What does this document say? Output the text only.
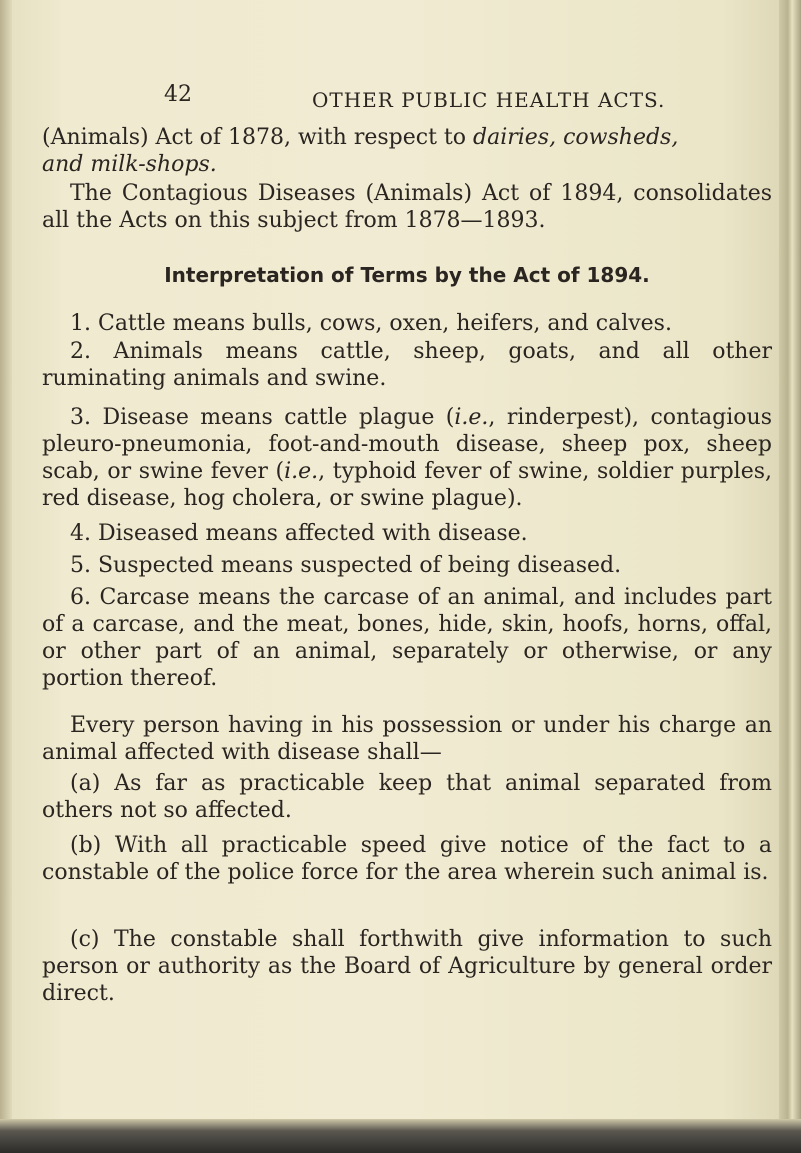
42	OTHER PUBLIC HEALTH ACTS.

(Animals) Act of 1878, with respect to dairies, cowsheds,
and milk-shops.

The Contagious Diseases (Animals) Act of 1894, consolidates all the Acts on this subject from 1878—1893.

Interpretation of Terms by the Act of 1894.

1. Cattle means bulls, cows, oxen, heifers, and calves.

2. Animals means cattle, sheep, goats, and all other ruminating animals and swine.

3. Disease means cattle plague (i.e., rinderpest), contagious pleuro-pneumonia, foot-and-mouth disease, sheep pox, sheep scab, or swine fever (i.e., typhoid fever of swine, soldier purples, red disease, hog cholera, or swine plague).

4. Diseased means affected with disease.

5. Suspected means suspected of being diseased.

6. Carcase means the carcase of an animal, and includes part of a carcase, and the meat, bones, hide, skin, hoofs, horns, offal, or other part of an animal, separately or otherwise, or any portion thereof.

Every person having in his possession or under his charge an animal affected with disease shall—

(a) As far as practicable keep that animal separated from others not so affected.

(b) With all practicable speed give notice of the fact to a constable of the police force for the area wherein such animal is.

(c) The constable shall forthwith give information to such person or authority as the Board of Agriculture by general order direct.
